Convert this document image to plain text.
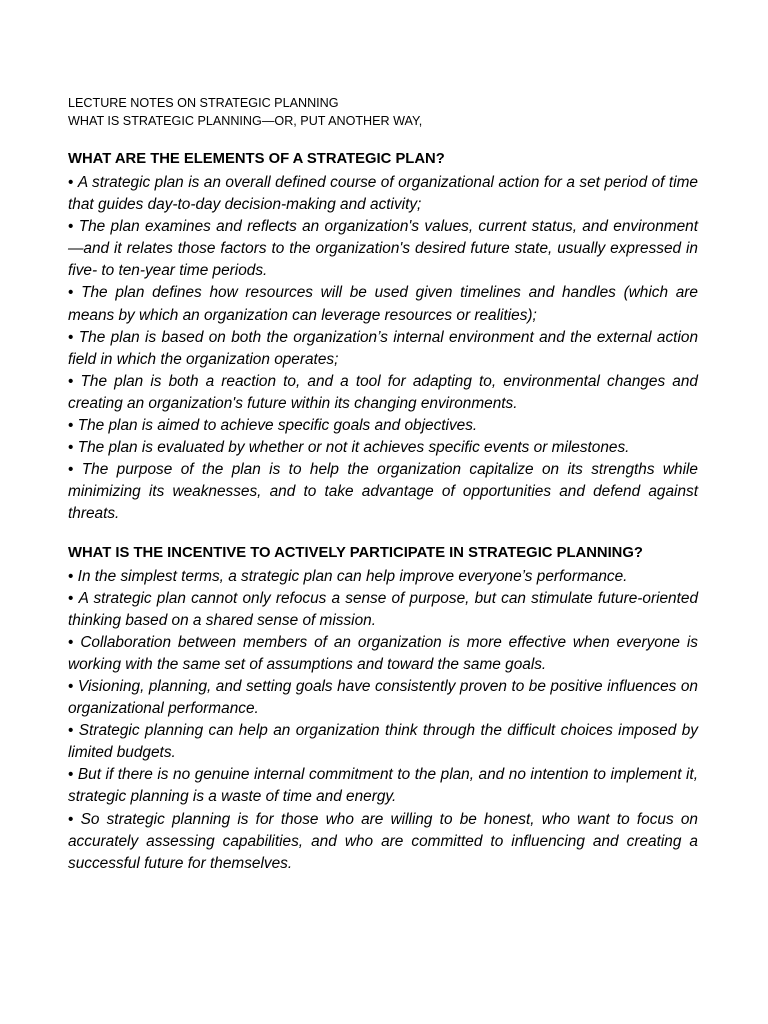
LECTURE NOTES ON STRATEGIC PLANNING

WHAT IS STRATEGIC PLANNING—OR, PUT ANOTHER WAY,

WHAT ARE THE ELEMENTS OF A STRATEGIC PLAN?
• A strategic plan is an overall defined course of organizational action for a set period of time that guides day-to-day decision-making and activity;
• The plan examines and reflects an organization's values, current status, and environment—and it relates those factors to the organization's desired future state, usually expressed in five- to ten-year time periods.
• The plan defines how resources will be used given timelines and handles (which are means by which an organization can leverage resources or realities);
• The plan is based on both the organization’s internal environment and the external action field in which the organization operates;
• The plan is both a reaction to, and a tool for adapting to, environmental changes and creating an organization's future within its changing environments.
• The plan is aimed to achieve specific goals and objectives.
• The plan is evaluated by whether or not it achieves specific events or milestones.
• The purpose of the plan is to help the organization capitalize on its strengths while minimizing its weaknesses, and to take advantage of opportunities and defend against threats.
WHAT IS THE INCENTIVE TO ACTIVELY PARTICIPATE IN STRATEGIC PLANNING?
• In the simplest terms, a strategic plan can help improve everyone’s performance.
• A strategic plan cannot only refocus a sense of purpose, but can stimulate future-oriented thinking based on a shared sense of mission.
• Collaboration between members of an organization is more effective when everyone is working with the same set of assumptions and toward the same goals.
• Visioning, planning, and setting goals have consistently proven to be positive influences on organizational performance.
• Strategic planning can help an organization think through the difficult choices imposed by limited budgets.
• But if there is no genuine internal commitment to the plan, and no intention to implement it, strategic planning is a waste of time and energy.
• So strategic planning is for those who are willing to be honest, who want to focus on accurately assessing capabilities, and who are committed to influencing and creating a successful future for themselves.
